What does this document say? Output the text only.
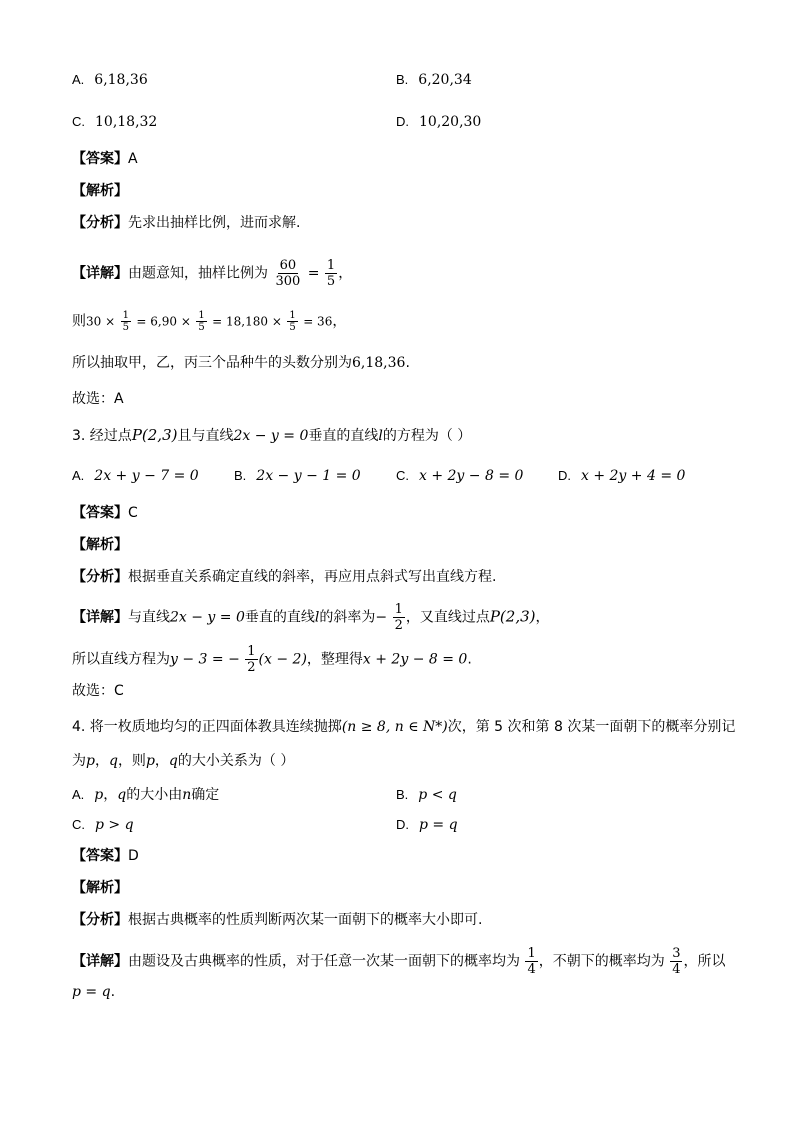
A. 6,18,36	B. 6,20,34
C. 10,18,32	D. 10,20,30
【答案】A
【解析】
【分析】先求出抽样比例，进而求解.
【详解】由题意知，抽样比例为 $\frac{60}{300} = \frac{1}{5}$ ，
则$30 \times \frac{1}{5} = 6,90 \times \frac{1}{5} = 18,180 \times \frac{1}{5} = 36$，
所以抽取甲，乙，丙三个品种牛的头数分别为6,18,36.
故选：A
3. 经过点P(2,3)且与直线2x − y = 0垂直的直线l的方程为（ ）
A. 2x + y − 7 = 0	B. 2x − y − 1 = 0	C. x + 2y − 8 = 0	D. x + 2y + 4 = 0
【答案】C
【解析】
【分析】根据垂直关系确定直线的斜率，再应用点斜式写出直线方程.
【详解】与直线2x − y = 0垂直的直线l的斜率为− $\frac{1}{2}$ ，又直线过点P(2,3)，
所以直线方程为y − 3 = − $\frac{1}{2} (x - 2)$，整理得x + 2y − 8 = 0.
故选：C
4. 将一枚质地均匀的正四面体教具连续抛掷(n ≥ 8, n ∈ N*)次，第 5 次和第 8 次某一面朝下的概率分别记
为p，q，则p，q的大小关系为（ ）
A. p，q的大小由n确定	B. p < q
C. p > q	D. p = q
【答案】D
【解析】
【分析】根据古典概率的性质判断两次某一面朝下的概率大小即可.
【详解】由题设及古典概率的性质，对于任意一次某一面朝下的概率均为 $\frac{1}{4}$ ，不朝下的概率均为 $\frac{3}{4}$ ，所以
p = q.
